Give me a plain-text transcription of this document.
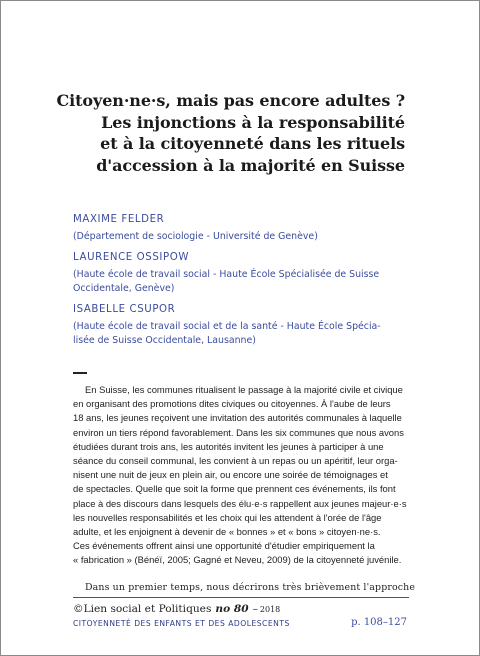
Citoyen·ne·s, mais pas encore adultes ?
Les injonctions à la responsabilité
et à la citoyenneté dans les rituels
d'accession à la majorité en Suisse
MAXIME FELDER
(Département de sociologie - Université de Genève)
LAURENCE OSSIPOW
(Haute école de travail social - Haute École Spécialisée de Suisse
Occidentale, Genève)
ISABELLE CSUPOR
(Haute école de travail social et de la santé - Haute École Spécia-
lisée de Suisse Occidentale, Lausanne)
En Suisse, les communes ritualisent le passage à la majorité civile et civique
en organisant des promotions dites civiques ou citoyennes. À l'aube de leurs
18 ans, les jeunes reçoivent une invitation des autorités communales à laquelle
environ un tiers répond favorablement. Dans les six communes que nous avons
étudiées durant trois ans, les autorités invitent les jeunes à participer à une
séance du conseil communal, les convient à un repas ou un apéritif, leur orga-
nisent une nuit de jeux en plein air, ou encore une soirée de témoignages et
de spectacles. Quelle que soit la forme que prennent ces événements, ils font
place à des discours dans lesquels des élu·e·s rappellent aux jeunes majeur·e·s
les nouvelles responsabilités et les choix qui les attendent à l'orée de l'âge
adulte, et les enjoignent à devenir de « bonnes » et « bons » citoyen·ne·s.
Ces événements offrent ainsi une opportunité d'étudier empiriquement la
« fabrication » (Bénéï, 2005; Gagné et Neveu, 2009) de la citoyenneté juvénile.
Dans un premier temps, nous décrirons très brièvement l'approche
©Lien social et Politiques no 80 – 2018
CITOYENNETÉ DES ENFANTS ET DES ADOLESCENTS	p. 108–127
